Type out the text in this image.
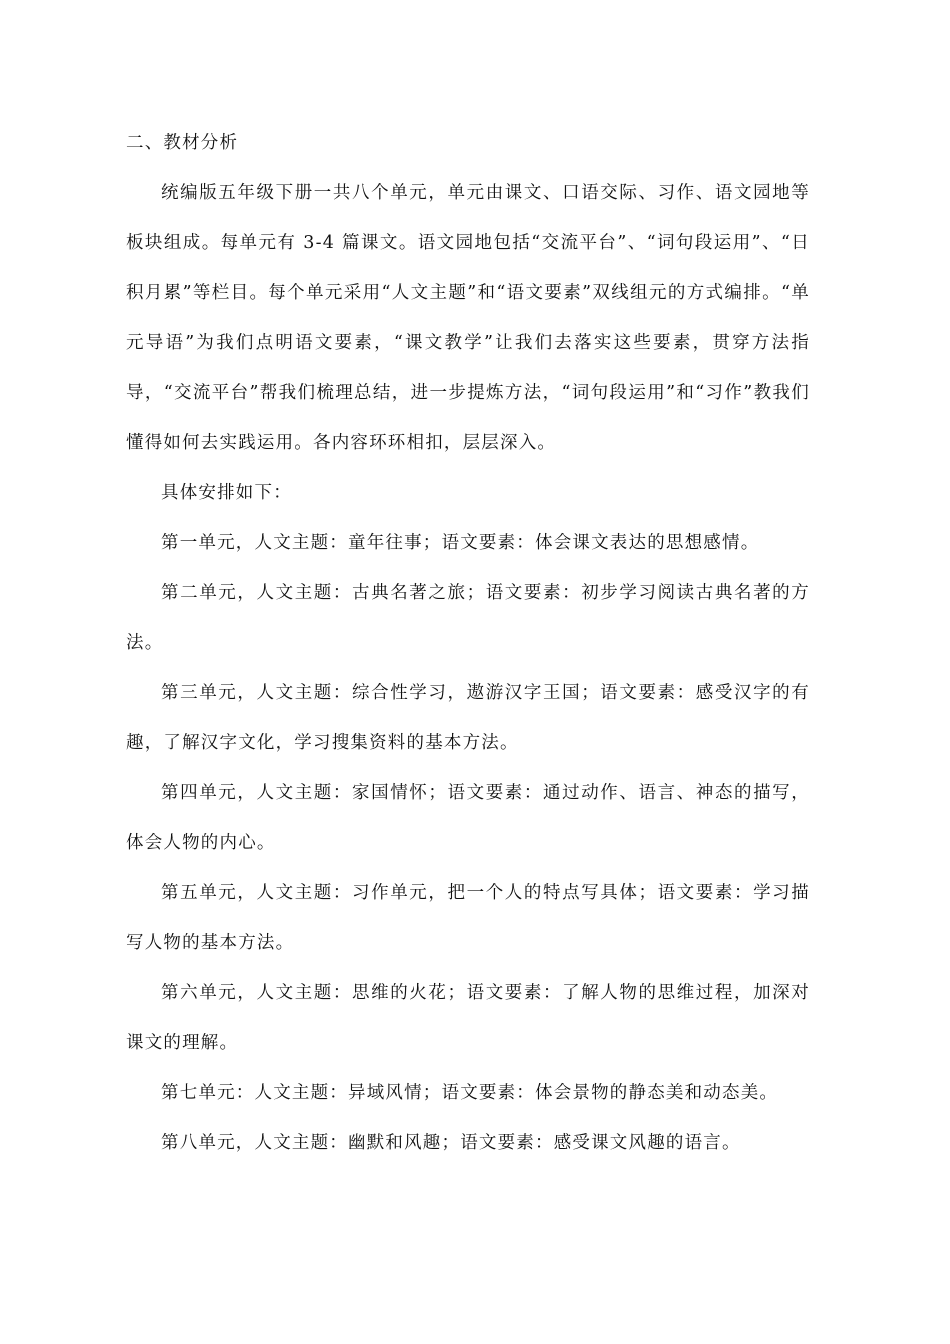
二、教材分析

统编版五年级下册一共八个单元，单元由课文、口语交际、习作、语文园地等板块组成。每单元有 3-4 篇课文。语文园地包括“交流平台”、“词句段运用”、“日积月累”等栏目。每个单元采用“人文主题”和“语文要素”双线组元的方式编排。“单元导语”为我们点明语文要素，“课文教学”让我们去落实这些要素，贯穿方法指导，“交流平台”帮我们梳理总结，进一步提炼方法，“词句段运用”和“习作”教我们懂得如何去实践运用。各内容环环相扣，层层深入。

具体安排如下：

第一单元，人文主题：童年往事；语文要素：体会课文表达的思想感情。

第二单元，人文主题：古典名著之旅；语文要素：初步学习阅读古典名著的方法。

第三单元，人文主题：综合性学习，遨游汉字王国；语文要素：感受汉字的有趣，了解汉字文化，学习搜集资料的基本方法。

第四单元，人文主题：家国情怀；语文要素：通过动作、语言、神态的描写，体会人物的内心。

第五单元，人文主题：习作单元，把一个人的特点写具体；语文要素：学习描写人物的基本方法。

第六单元，人文主题：思维的火花；语文要素：了解人物的思维过程，加深对课文的理解。

第七单元：人文主题：异域风情；语文要素：体会景物的静态美和动态美。

第八单元，人文主题：幽默和风趣；语文要素：感受课文风趣的语言。
